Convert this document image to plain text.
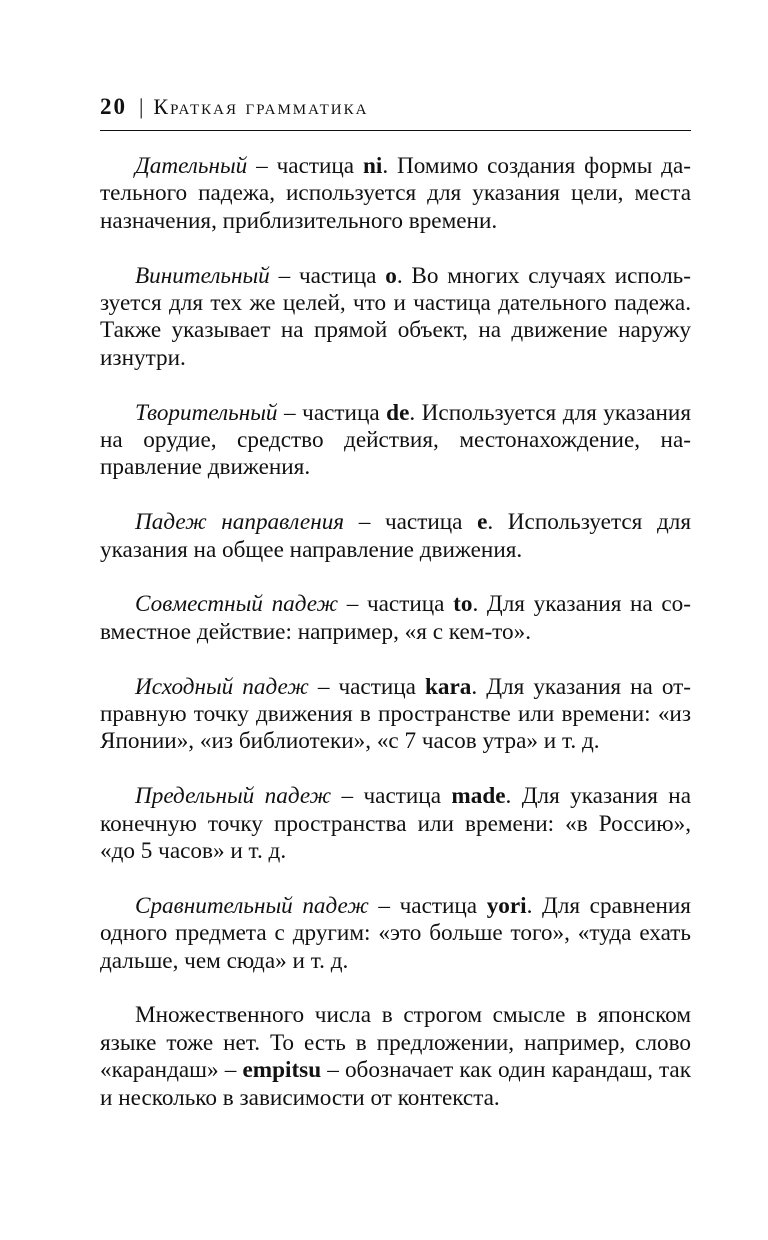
20 | Краткая грамматика

Дательный – частица ni. Помимо создания формы дательного падежа, используется для указания цели, места назначения, приблизительного времени.

Винительный – частица o. Во многих случаях используется для тех же целей, что и частица дательного падежа. Также указывает на прямой объект, на движение наружу изнутри.

Творительный – частица de. Используется для указания на орудие, средство действия, местонахождение, направление движения.

Падеж направления – частица e. Используется для указания на общее направление движения.

Совместный падеж – частица to. Для указания на совместное действие: например, «я с кем-то».

Исходный падеж – частица kara. Для указания на отправную точку движения в пространстве или времени: «из Японии», «из библиотеки», «с 7 часов утра» и т. д.

Предельный падеж – частица made. Для указания на конечную точку пространства или времени: «в Россию», «до 5 часов» и т. д.

Сравнительный падеж – частица yori. Для сравнения одного предмета с другим: «это больше того», «туда ехать дальше, чем сюда» и т. д.

Множественного числа в строгом смысле в японском языке тоже нет. То есть в предложении, например, слово «карандаш» – empitsu – обозначает как один карандаш, так и несколько в зависимости от контекста.
